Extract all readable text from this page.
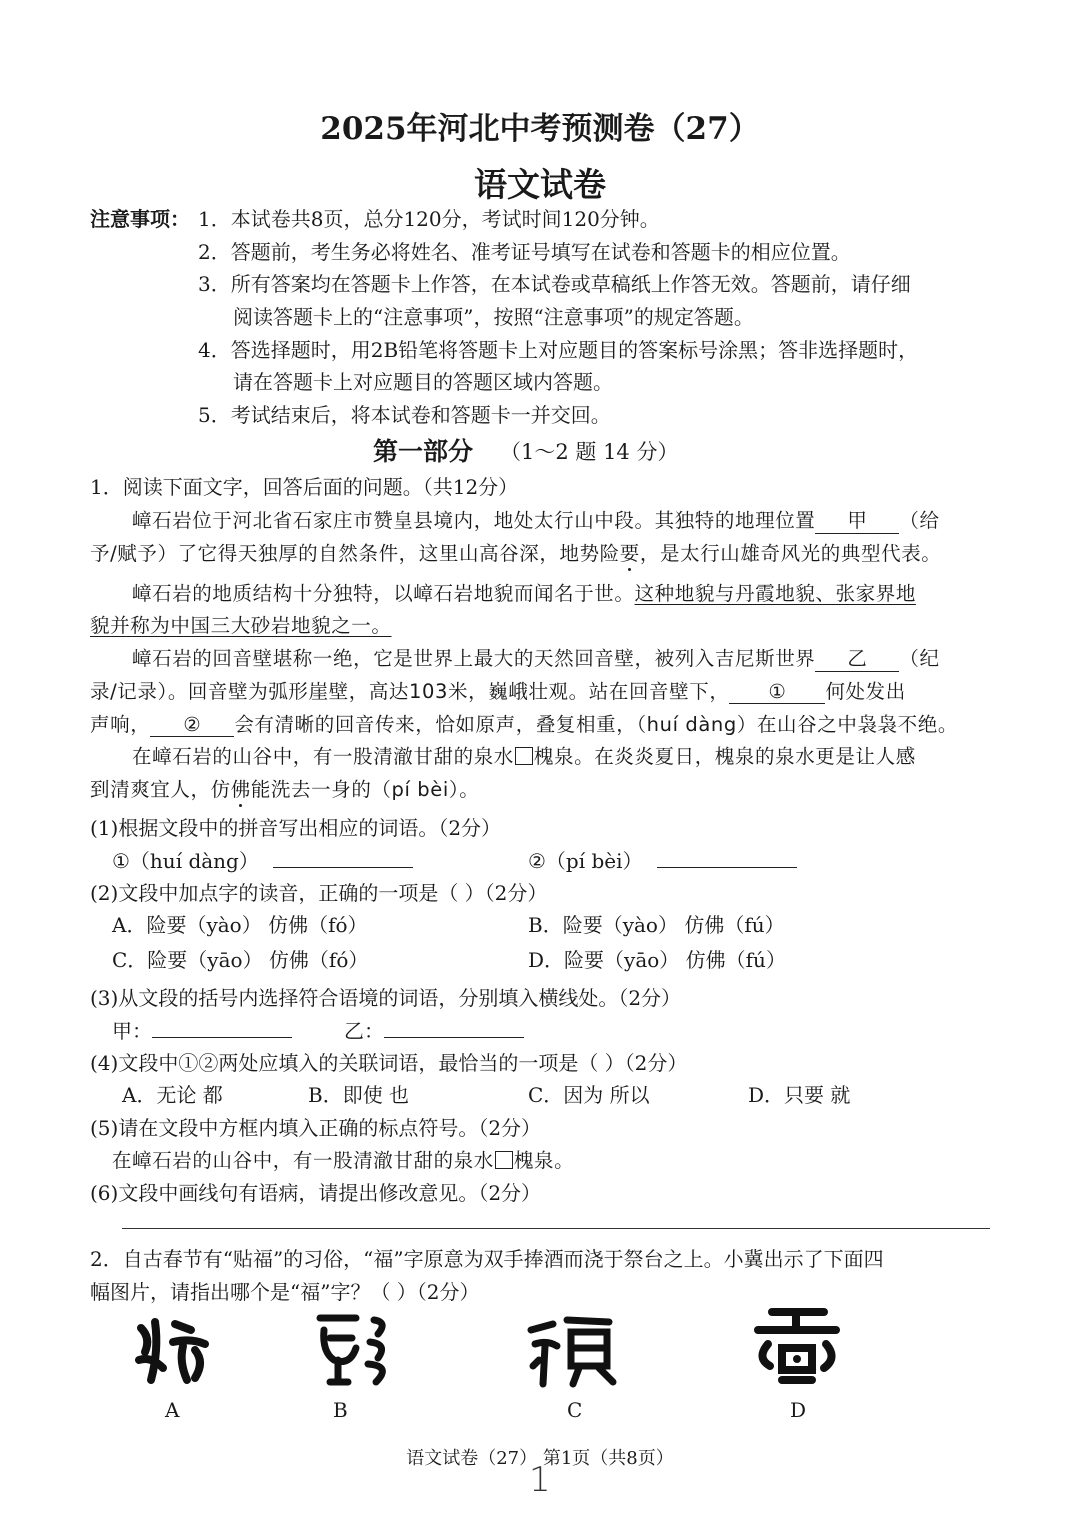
2025年河北中考预测卷（27）
语文试卷
注意事项： 1．本试卷共8页，总分120分，考试时间120分钟。
2．答题前，考生务必将姓名、准考证号填写在试卷和答题卡的相应位置。
3．所有答案均在答题卡上作答，在本试卷或草稿纸上作答无效。答题前，请仔细
阅读答题卡上的“注意事项”，按照“注意事项”的规定答题。
4．答选择题时，用2B铅笔将答题卡上对应题目的答案标号涂黑；答非选择题时，
请在答题卡上对应题目的答题区域内答题。
5．考试结束后，将本试卷和答题卡一并交回。
第一部分 （1～2 题 14 分）
1．阅读下面文字，回答后面的问题。（共12分）
嶂石岩位于河北省石家庄市赞皇县境内，地处太行山中段。其独特的地理位置 甲 （给
予/赋予）了它得天独厚的自然条件，这里山高谷深，地势险要，是太行山雄奇风光的典型代表。
嶂石岩的地质结构十分独特，以嶂石岩地貌而闻名于世。这种地貌与丹霞地貌、张家界地
貌并称为中国三大砂岩地貌之一。
嶂石岩的回音壁堪称一绝，它是世界上最大的天然回音壁，被列入吉尼斯世界 乙 （纪
录/记录）。回音壁为弧形崖壁，高达103米，巍峨壮观。站在回音壁下， ① 何处发出
声响， ② 会有清晰的回音传来，恰如原声，叠复相重，（huí dàng）在山谷之中袅袅不绝。
在嶂石岩的山谷中，有一股清澈甘甜的泉水 槐泉。在炎炎夏日，槐泉的泉水更是让人感
到清爽宜人，仿佛能洗去一身的（pí bèi）。
(1)根据文段中的拼音写出相应的词语。（2分）
①（huí dàng）	②（pí bèi）
(2)文段中加点字的读音，正确的一项是（ ）（2分）
A．险要（yào） 仿佛（fó）	B．险要（yào） 仿佛（fú）
C．险要（yāo） 仿佛（fó）	D．险要（yāo） 仿佛（fú）
(3)从文段的括号内选择符合语境的词语，分别填入横线处。（2分）
甲：	乙：
(4)文段中①②两处应填入的关联词语，最恰当的一项是（ ）（2分）
A．无论 都	B．即使 也	C．因为 所以	D．只要 就
(5)请在文段中方框内填入正确的标点符号。（2分）
在嶂石岩的山谷中，有一股清澈甘甜的泉水 槐泉。
(6)文段中画线句有语病，请提出修改意见。（2分）
2．自古春节有“贴福”的习俗，“福”字原意为双手捧酒而浇于祭台之上。小冀出示了下面四
幅图片，请指出哪个是“福”字？（ ）（2分）
A	B	C	D
语文试卷（27） 第1页（共8页）
1
